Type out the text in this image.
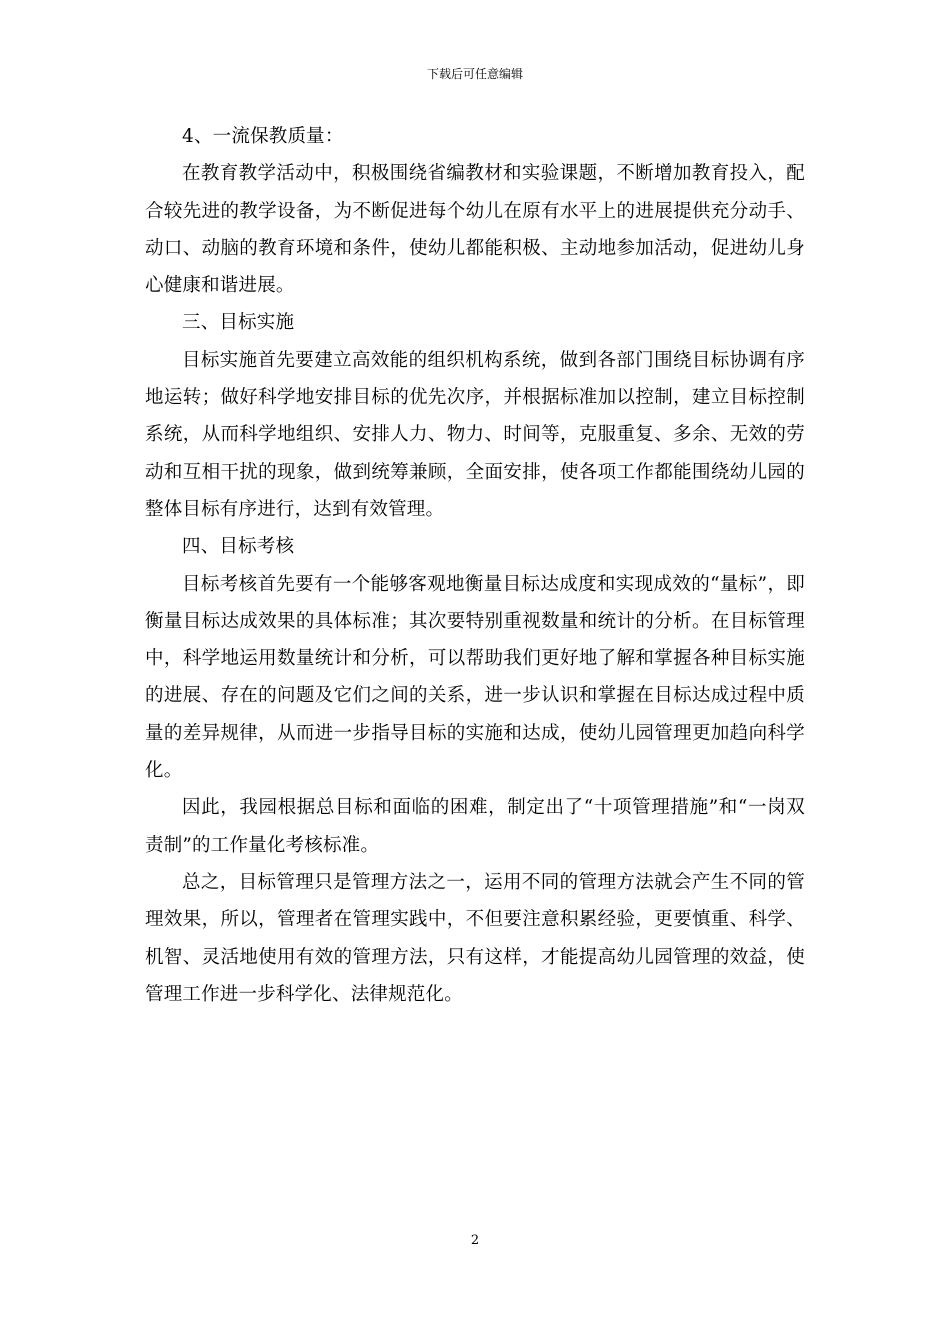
下载后可任意编辑

4、一流保教质量：

在教育教学活动中，积极围绕省编教材和实验课题，不断增加教育投入，配合较先进的教学设备，为不断促进每个幼儿在原有水平上的进展提供充分动手、动口、动脑的教育环境和条件，使幼儿都能积极、主动地参加活动，促进幼儿身心健康和谐进展。

三、目标实施

目标实施首先要建立高效能的组织机构系统，做到各部门围绕目标协调有序地运转；做好科学地安排目标的优先次序，并根据标准加以控制，建立目标控制系统，从而科学地组织、安排人力、物力、时间等，克服重复、多余、无效的劳动和互相干扰的现象，做到统筹兼顾，全面安排，使各项工作都能围绕幼儿园的整体目标有序进行，达到有效管理。

四、目标考核

目标考核首先要有一个能够客观地衡量目标达成度和实现成效的“量标”，即衡量目标达成效果的具体标准；其次要特别重视数量和统计的分析。在目标管理中，科学地运用数量统计和分析，可以帮助我们更好地了解和掌握各种目标实施的进展、存在的问题及它们之间的关系，进一步认识和掌握在目标达成过程中质量的差异规律，从而进一步指导目标的实施和达成，使幼儿园管理更加趋向科学化。

因此，我园根据总目标和面临的困难，制定出了“十项管理措施”和“一岗双责制”的工作量化考核标准。

总之，目标管理只是管理方法之一，运用不同的管理方法就会产生不同的管理效果，所以，管理者在管理实践中，不但要注意积累经验，更要慎重、科学、机智、灵活地使用有效的管理方法，只有这样，才能提高幼儿园管理的效益，使管理工作进一步科学化、法律规范化。

2
